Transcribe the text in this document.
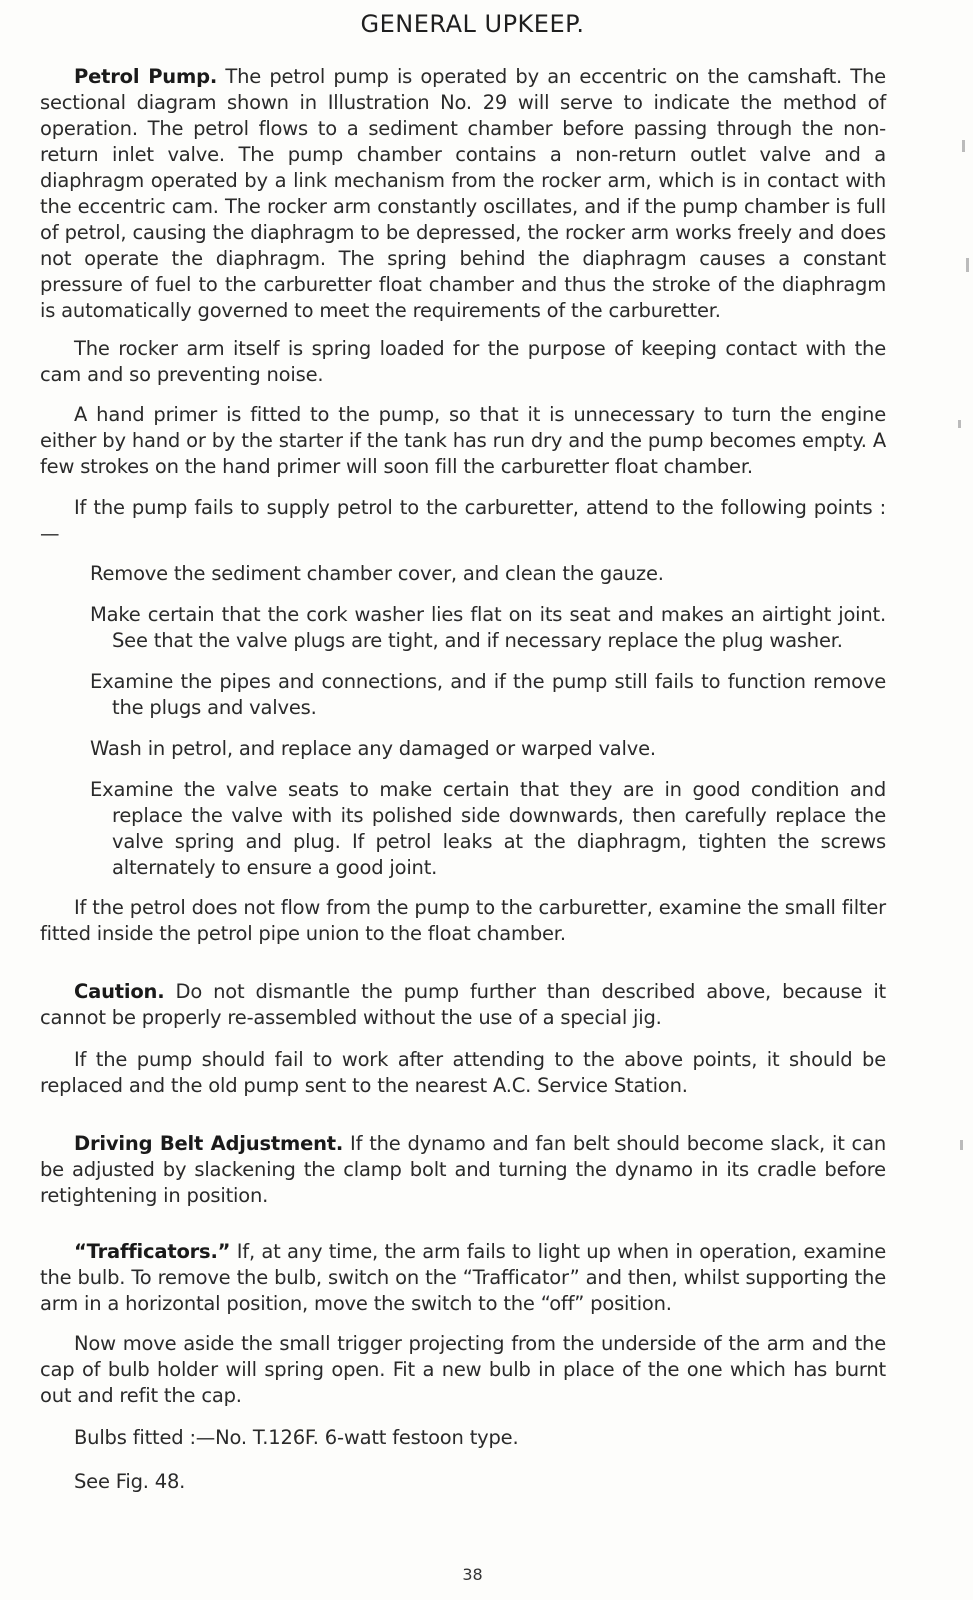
GENERAL UPKEEP.

Petrol Pump. The petrol pump is operated by an eccentric on the camshaft. The sectional diagram shown in Illustration No. 29 will serve to indicate the method of operation. The petrol flows to a sediment chamber before passing through the non-return inlet valve. The pump chamber contains a non-return outlet valve and a diaphragm operated by a link mechanism from the rocker arm, which is in contact with the eccentric cam. The rocker arm constantly oscillates, and if the pump chamber is full of petrol, causing the diaphragm to be depressed, the rocker arm works freely and does not operate the diaphragm. The spring behind the diaphragm causes a constant pressure of fuel to the carburetter float chamber and thus the stroke of the diaphragm is automatically governed to meet the requirements of the carburetter.

The rocker arm itself is spring loaded for the purpose of keeping contact with the cam and so preventing noise.

A hand primer is fitted to the pump, so that it is unnecessary to turn the engine either by hand or by the starter if the tank has run dry and the pump becomes empty. A few strokes on the hand primer will soon fill the carburetter float chamber.

If the pump fails to supply petrol to the carburetter, attend to the following points :—

Remove the sediment chamber cover, and clean the gauze.

Make certain that the cork washer lies flat on its seat and makes an airtight joint. See that the valve plugs are tight, and if necessary replace the plug washer.

Examine the pipes and connections, and if the pump still fails to function remove the plugs and valves.

Wash in petrol, and replace any damaged or warped valve.

Examine the valve seats to make certain that they are in good condition and replace the valve with its polished side downwards, then carefully replace the valve spring and plug. If petrol leaks at the diaphragm, tighten the screws alternately to ensure a good joint.

If the petrol does not flow from the pump to the carburetter, examine the small filter fitted inside the petrol pipe union to the float chamber.

Caution. Do not dismantle the pump further than described above, because it cannot be properly re-assembled without the use of a special jig.

If the pump should fail to work after attending to the above points, it should be replaced and the old pump sent to the nearest A.C. Service Station.

Driving Belt Adjustment. If the dynamo and fan belt should become slack, it can be adjusted by slackening the clamp bolt and turning the dynamo in its cradle before retightening in position.

“Trafficators.” If, at any time, the arm fails to light up when in operation, examine the bulb. To remove the bulb, switch on the “Trafficator” and then, whilst supporting the arm in a horizontal position, move the switch to the “off” position.

Now move aside the small trigger projecting from the underside of the arm and the cap of bulb holder will spring open. Fit a new bulb in place of the one which has burnt out and refit the cap.

Bulbs fitted :—No. T.126F. 6-watt festoon type.

See Fig. 48.

38
